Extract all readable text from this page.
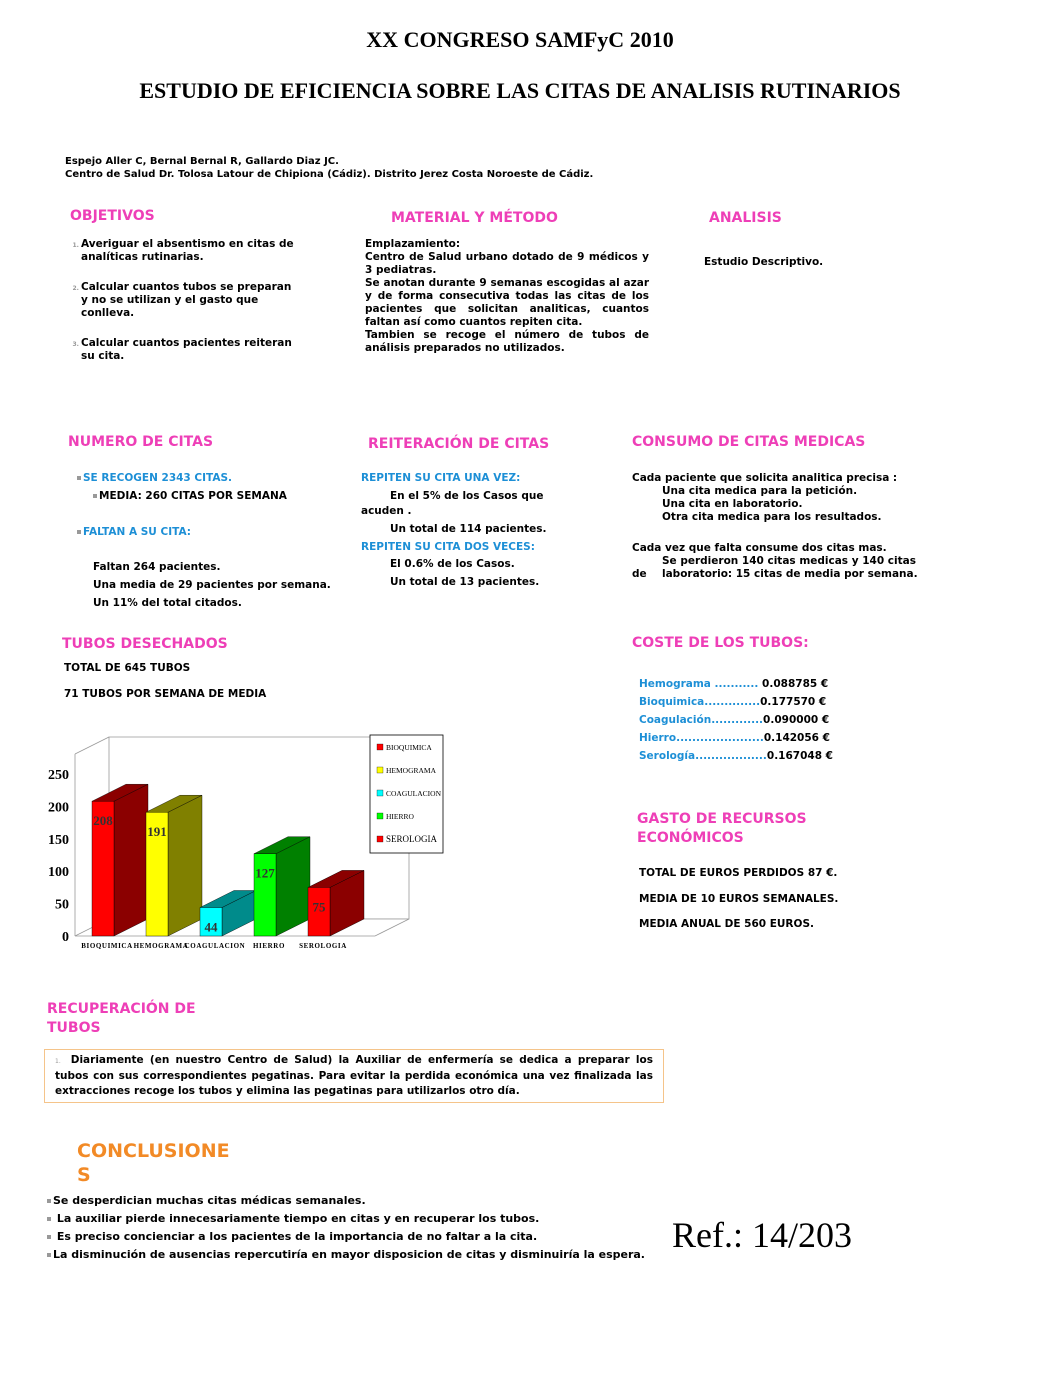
XX CONGRESO SAMFyC 2010
ESTUDIO DE EFICIENCIA SOBRE LAS CITAS DE ANALISIS RUTINARIOS
Espejo Aller C, Bernal Bernal R, Gallardo Diaz JC.
Centro de Salud Dr. Tolosa Latour de Chipiona (Cádiz). Distrito Jerez Costa Noroeste de Cádiz.
OBJETIVOS
1. Averiguar el absentismo en citas de analíticas rutinarias.
2. Calcular cuantos tubos se preparan y no se utilizan y el gasto que conlleva.
3. Calcular cuantos pacientes reiteran su cita.
MATERIAL Y MÉTODO
Emplazamiento:
Centro de Salud urbano dotado de 9 médicos y 3 pediatras.
Se anotan durante 9 semanas escogidas al azar y de forma consecutiva todas las citas de los pacientes que solicitan analiticas, cuantos faltan así como cuantos repiten cita.
Tambien se recoge el número de tubos de análisis preparados no utilizados.
ANALISIS
Estudio Descriptivo.
NUMERO DE CITAS
SE RECOGEN 2343 CITAS.
MEDIA: 260 CITAS POR SEMANA
FALTAN A SU CITA:
Faltan 264 pacientes.
Una media de 29 pacientes por semana.
Un 11% del total citados.
REITERACIÓN DE CITAS
REPITEN SU CITA UNA VEZ:
En el 5% de los Casos que
acuden .
Un total de 114 pacientes.
REPITEN SU CITA DOS VECES:
El 0.6% de los Casos.
Un total de 13 pacientes.
CONSUMO DE CITAS MEDICAS
Cada paciente que solicita analitica precisa :
Una cita medica para la petición.
Una cita en laboratorio.
Otra cita medica para los resultados.
Cada vez que falta consume dos citas mas.
Se perdieron 140 citas medicas y 140 citas
de laboratorio: 15 citas de media por semana.
TUBOS DESECHADOS
TOTAL DE 645 TUBOS
71 TUBOS POR SEMANA DE MEDIA
0
50
100
150
200
250
208
BIOQUIMICA
191
HEMOGRAMA
44
COAGULACION
127
HIERRO
75
SEROLOGIA
BIOQUIMICA
HEMOGRAMA
COAGULACION
HIERRO
SEROLOGIA
COSTE DE LOS TUBOS:
Hemograma ........... 0.088785 €
Bioquimica..............0.177570 €
Coagulación.............0.090000 €
Hierro......................0.142056 €
Serología..................0.167048 €
GASTO DE RECURSOS
ECONÓMICOS
TOTAL DE EUROS PERDIDOS 87 €.
MEDIA DE 10 EUROS SEMANALES.
MEDIA ANUAL DE 560 EUROS.
RECUPERACIÓN DE
TUBOS
1. Diariamente (en nuestro Centro de Salud) la Auxiliar de enfermería se dedica a preparar los tubos con sus correspondientes pegatinas. Para evitar la perdida económica una vez finalizada las extracciones recoge los tubos y elimina las pegatinas para utilizarlos otro día.
CONCLUSIONE
S
Se desperdician muchas citas médicas semanales.
La auxiliar pierde innecesariamente tiempo en citas y en recuperar los tubos.
Es preciso concienciar a los pacientes de la importancia de no faltar a la cita.
La disminución de ausencias repercutiría en mayor disposicion de citas y disminuiría la espera. Ref.: 14/203
